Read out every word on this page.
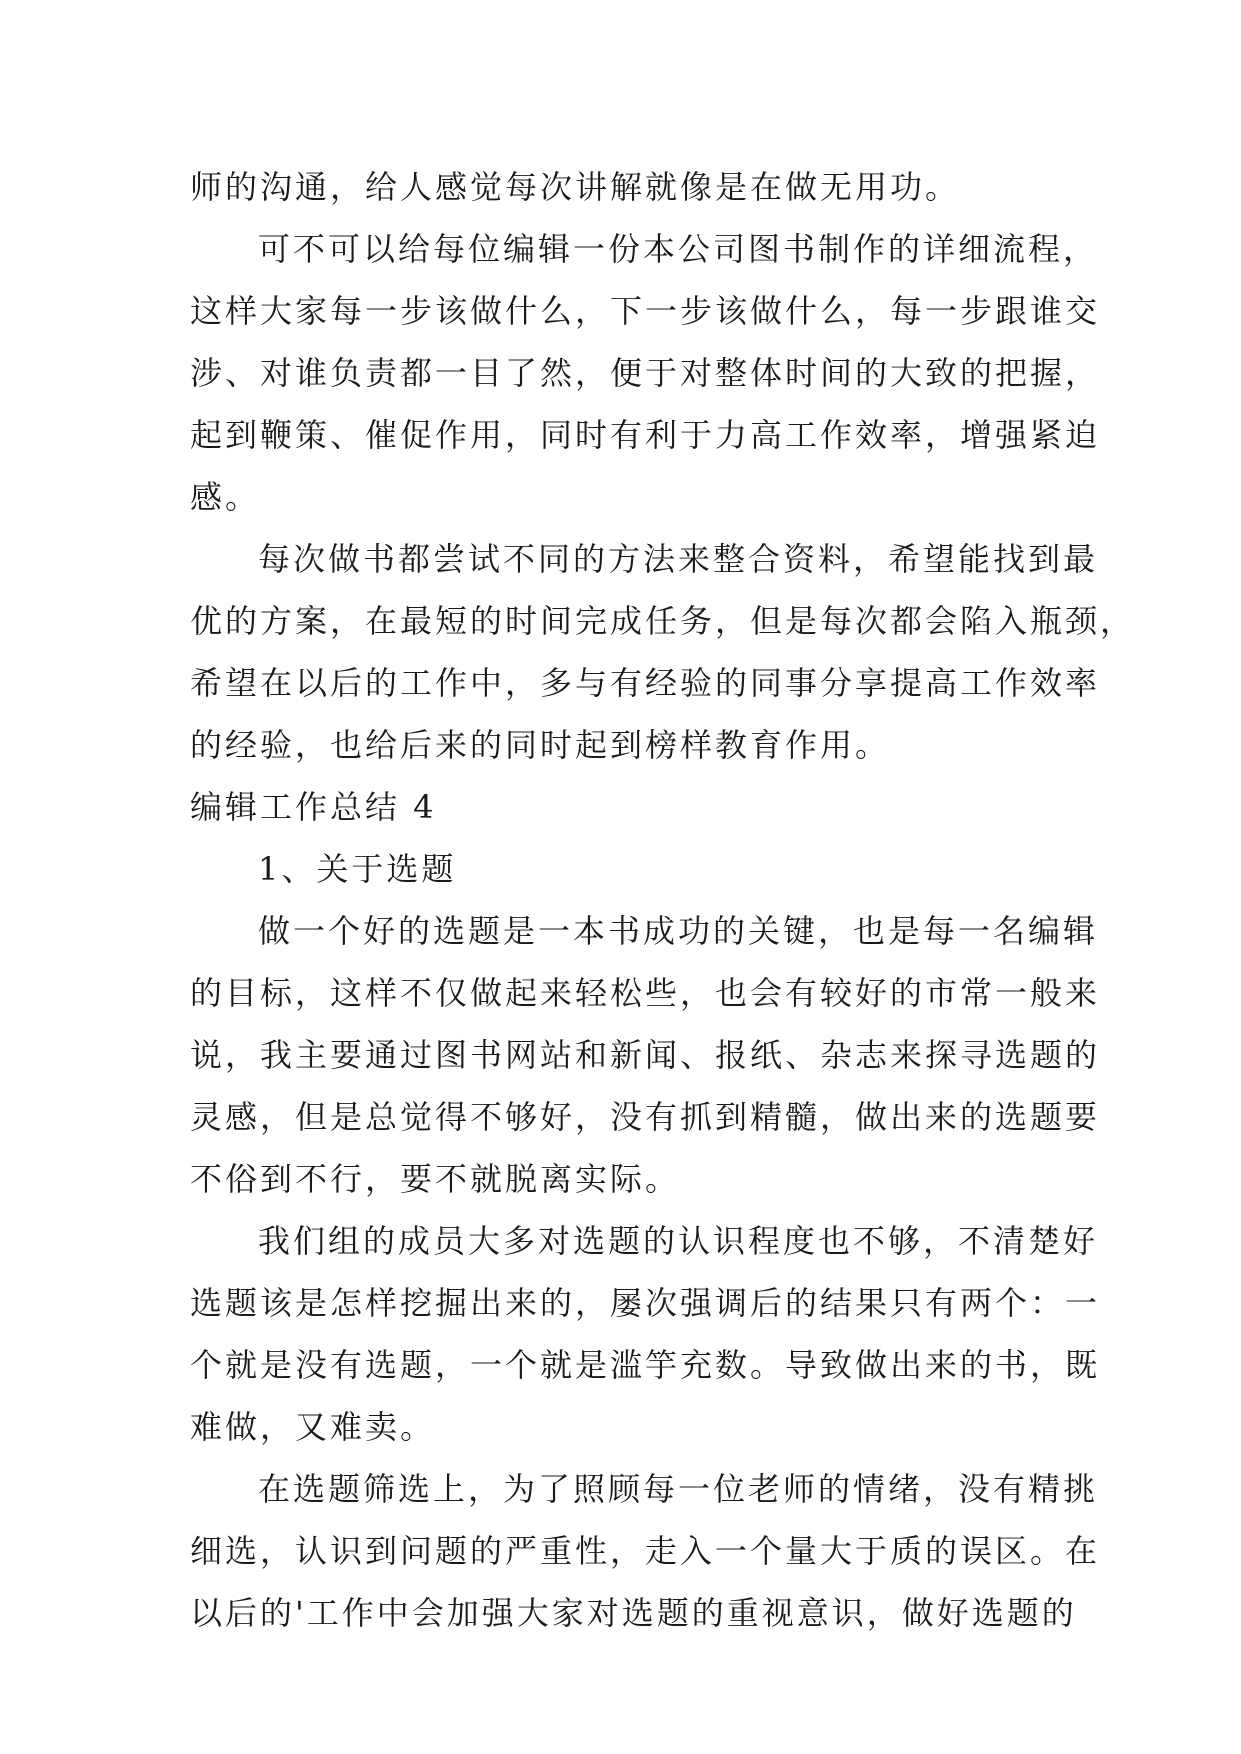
师的沟通，给人感觉每次讲解就像是在做无用功。
可不可以给每位编辑一份本公司图书制作的详细流程，
这样大家每一步该做什么，下一步该做什么，每一步跟谁交
涉、对谁负责都一目了然，便于对整体时间的大致的把握，
起到鞭策、催促作用，同时有利于力高工作效率，增强紧迫
感。
每次做书都尝试不同的方法来整合资料，希望能找到最
优的方案，在最短的时间完成任务，但是每次都会陷入瓶颈，
希望在以后的工作中，多与有经验的同事分享提高工作效率
的经验，也给后来的同时起到榜样教育作用。
编辑工作总结 4
1、关于选题
做一个好的选题是一本书成功的关键，也是每一名编辑
的目标，这样不仅做起来轻松些，也会有较好的市常一般来
说，我主要通过图书网站和新闻、报纸、杂志来探寻选题的
灵感，但是总觉得不够好，没有抓到精髓，做出来的选题要
不俗到不行，要不就脱离实际。
我们组的成员大多对选题的认识程度也不够，不清楚好
选题该是怎样挖掘出来的，屡次强调后的结果只有两个：一
个就是没有选题，一个就是滥竽充数。导致做出来的书，既
难做，又难卖。
在选题筛选上，为了照顾每一位老师的情绪，没有精挑
细选，认识到问题的严重性，走入一个量大于质的误区。在
以后的'工作中会加强大家对选题的重视意识，做好选题的
